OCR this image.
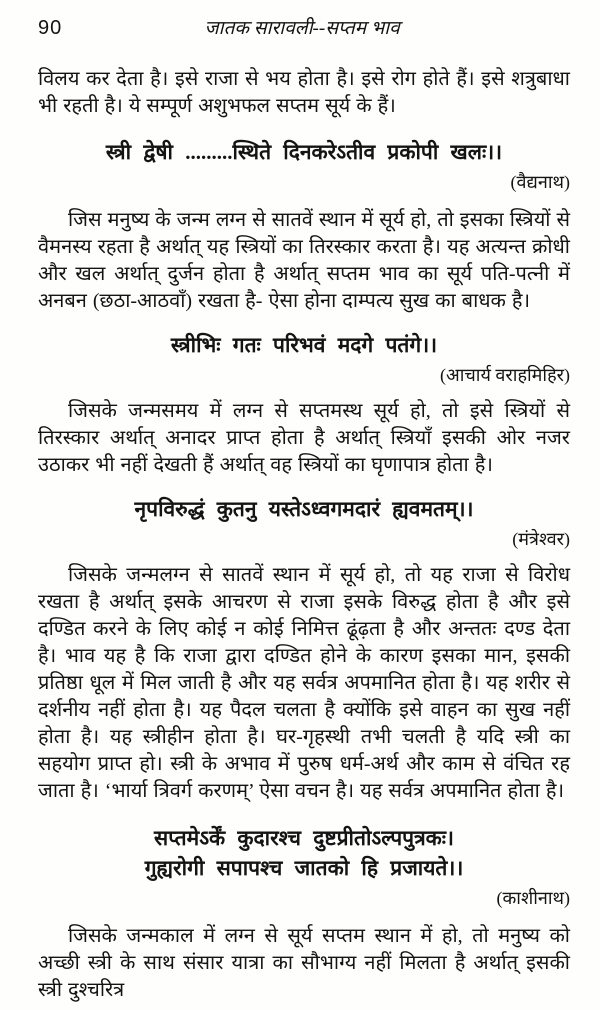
90	जातक सारावली--सप्तम भाव

विलय कर देता है। इसे राजा से भय होता है। इसे रोग होते हैं। इसे शत्रुबाधा भी रहती है। ये सम्पूर्ण अशुभफल सप्तम सूर्य के हैं।

स्त्री द्वेषी .........स्थिते दिनकरेऽतीव प्रकोपी खलः।।

(वैद्यनाथ)

जिस मनुष्य के जन्म लग्न से सातवें स्थान में सूर्य हो, तो इसका स्त्रियों से वैमनस्य रहता है अर्थात् यह स्त्रियों का तिरस्कार करता है। यह अत्यन्त क्रोधी और खल अर्थात् दुर्जन होता है अर्थात् सप्तम भाव का सूर्य पति-पत्नी में अनबन (छठा-आठवाँ) रखता है- ऐसा होना दाम्पत्य सुख का बाधक है।

स्त्रीभिः गतः परिभवं मदगे पतंगे।।

(आचार्य वराहमिहिर)

जिसके जन्मसमय में लग्न से सप्तमस्थ सूर्य हो, तो इसे स्त्रियों से तिरस्कार अर्थात् अनादर प्राप्त होता है अर्थात् स्त्रियाँ इसकी ओर नजर उठाकर भी नहीं देखती हैं अर्थात् वह स्त्रियों का घृणापात्र होता है।

नृपविरुद्धं कुतनु यस्तेऽध्वगमदारं ह्यवमतम्।।

(मंत्रेश्वर)

जिसके जन्मलग्न से सातवें स्थान में सूर्य हो, तो यह राजा से विरोध रखता है अर्थात् इसके आचरण से राजा इसके विरुद्ध होता है और इसे दण्डित करने के लिए कोई न कोई निमित्त ढूंढ़ता है और अन्ततः दण्ड देता है। भाव यह है कि राजा द्वारा दण्डित होने के कारण इसका मान, इसकी प्रतिष्ठा धूल में मिल जाती है और यह सर्वत्र अपमानित होता है। यह शरीर से दर्शनीय नहीं होता है। यह पैदल चलता है क्योंकि इसे वाहन का सुख नहीं होता है। यह स्त्रीहीन होता है। घर-गृहस्थी तभी चलती है यदि स्त्री का सहयोग प्राप्त हो। स्त्री के अभाव में पुरुष धर्म-अर्थ और काम से वंचित रह जाता है। ‘भार्या त्रिवर्ग करणम्’ ऐसा वचन है। यह सर्वत्र अपमानित होता है।

सप्तमेऽर्कें कुदारश्च दुष्टप्रीतोऽल्पपुत्रकः।

गुह्यरोगी सपापश्च जातको हि प्रजायते।।

(काशीनाथ)

जिसके जन्मकाल में लग्न से सूर्य सप्तम स्थान में हो, तो मनुष्य को अच्छी स्त्री के साथ संसार यात्रा का सौभाग्य नहीं मिलता है अर्थात् इसकी स्त्री दुश्चरित्र
